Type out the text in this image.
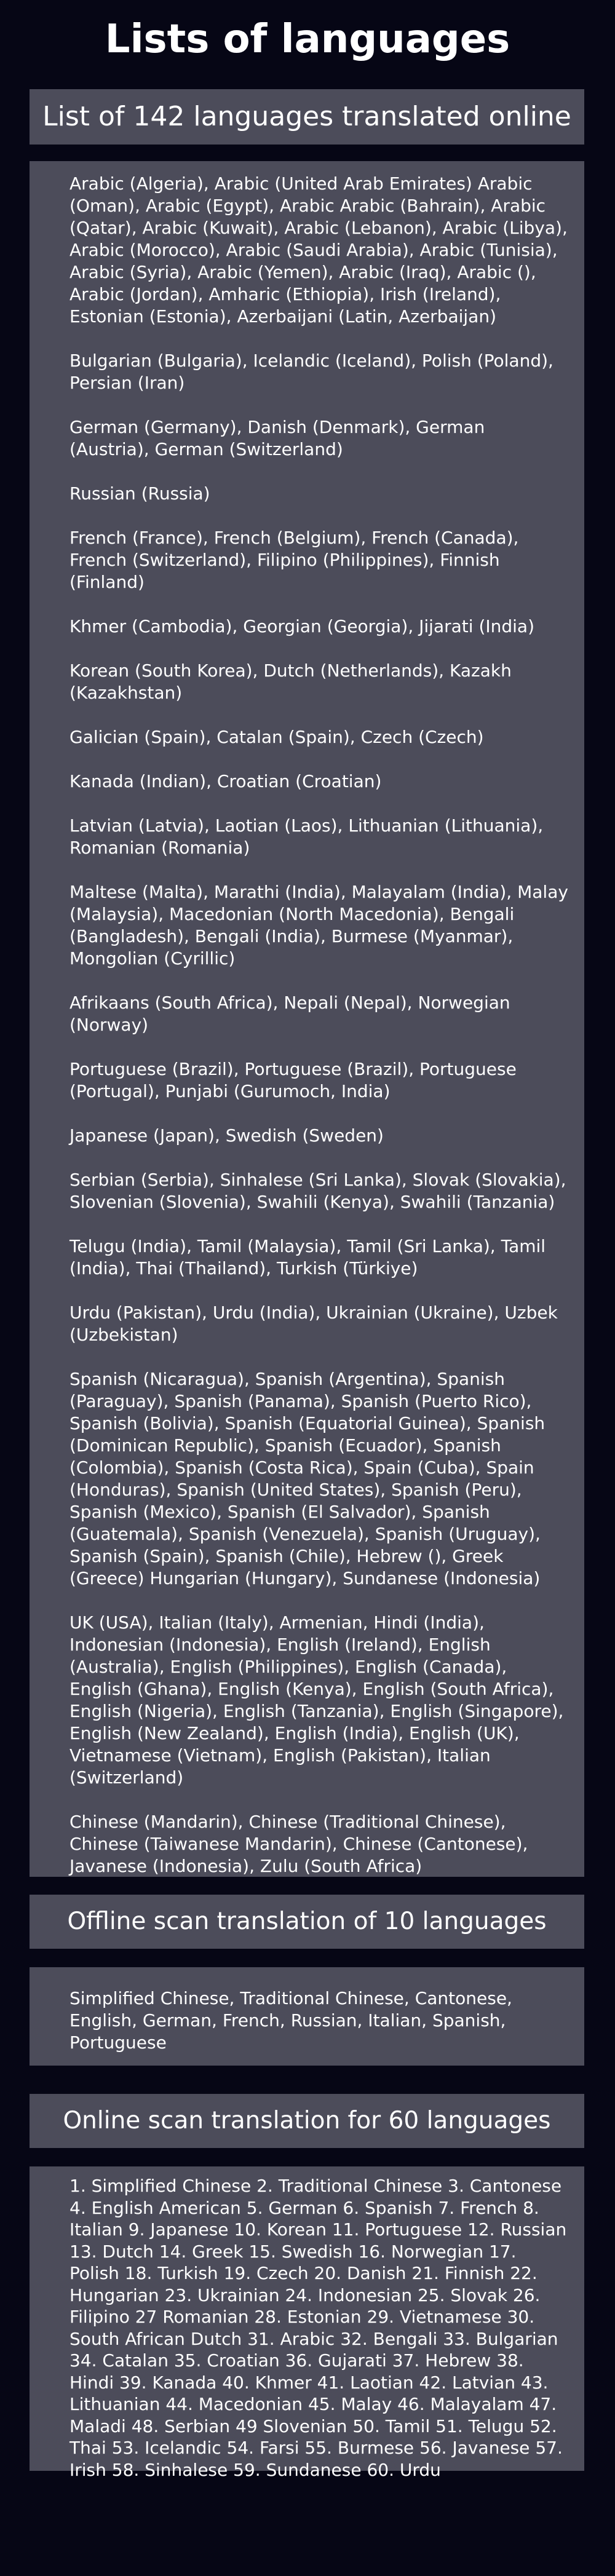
Lists of languages
List of 142 languages translated online
Arabic (Algeria), Arabic (United Arab Emirates) Arabic (Oman), Arabic (Egypt), Arabic Arabic (Bahrain), Arabic (Qatar), Arabic (Kuwait), Arabic (Lebanon), Arabic (Libya), Arabic (Morocco), Arabic (Saudi Arabia), Arabic (Tunisia), Arabic (Syria), Arabic (Yemen), Arabic (Iraq), Arabic (), Arabic (Jordan), Amharic (Ethiopia), Irish (Ireland), Estonian (Estonia), Azerbaijani (Latin, Azerbaijan)
Bulgarian (Bulgaria), Icelandic (Iceland), Polish (Poland), Persian (Iran)
German (Germany), Danish (Denmark), German (Austria), German (Switzerland)
Russian (Russia)
French (France), French (Belgium), French (Canada), French (Switzerland), Filipino (Philippines), Finnish (Finland)
Khmer (Cambodia), Georgian (Georgia), Jijarati (India)
Korean (South Korea), Dutch (Netherlands), Kazakh (Kazakhstan)
Galician (Spain), Catalan (Spain), Czech (Czech)
Kanada (Indian), Croatian (Croatian)
Latvian (Latvia), Laotian (Laos), Lithuanian (Lithuania), Romanian (Romania)
Maltese (Malta), Marathi (India), Malayalam (India), Malay (Malaysia), Macedonian (North Macedonia), Bengali (Bangladesh), Bengali (India), Burmese (Myanmar), Mongolian (Cyrillic)
Afrikaans (South Africa), Nepali (Nepal), Norwegian (Norway)
Portuguese (Brazil), Portuguese (Brazil), Portuguese (Portugal), Punjabi (Gurumoch, India)
Japanese (Japan), Swedish (Sweden)
Serbian (Serbia), Sinhalese (Sri Lanka), Slovak (Slovakia), Slovenian (Slovenia), Swahili (Kenya), Swahili (Tanzania)
Telugu (India), Tamil (Malaysia), Tamil (Sri Lanka), Tamil (India), Thai (Thailand), Turkish (Türkiye)
Urdu (Pakistan), Urdu (India), Ukrainian (Ukraine), Uzbek (Uzbekistan)
Spanish (Nicaragua), Spanish (Argentina), Spanish (Paraguay), Spanish (Panama), Spanish (Puerto Rico), Spanish (Bolivia), Spanish (Equatorial Guinea), Spanish (Dominican Republic), Spanish (Ecuador), Spanish (Colombia), Spanish (Costa Rica), Spain (Cuba), Spain (Honduras), Spanish (United States), Spanish (Peru), Spanish (Mexico), Spanish (El Salvador), Spanish (Guatemala), Spanish (Venezuela), Spanish (Uruguay), Spanish (Spain), Spanish (Chile), Hebrew (), Greek (Greece) Hungarian (Hungary), Sundanese (Indonesia)
UK (USA), Italian (Italy), Armenian, Hindi (India), Indonesian (Indonesia), English (Ireland), English (Australia), English (Philippines), English (Canada), English (Ghana), English (Kenya), English (South Africa), English (Nigeria), English (Tanzania), English (Singapore), English (New Zealand), English (India), English (UK), Vietnamese (Vietnam), English (Pakistan), Italian (Switzerland)
Chinese (Mandarin), Chinese (Traditional Chinese), Chinese (Taiwanese Mandarin), Chinese (Cantonese), Javanese (Indonesia), Zulu (South Africa)
Offline scan translation of 10 languages
Simplified Chinese, Traditional Chinese, Cantonese, English, German, French, Russian, Italian, Spanish, Portuguese
Online scan translation for 60 languages
1. Simplified Chinese 2. Traditional Chinese 3. Cantonese 4. English American 5. German 6. Spanish 7. French 8. Italian 9. Japanese 10. Korean 11. Portuguese 12. Russian 13. Dutch 14. Greek 15. Swedish 16. Norwegian 17. Polish 18. Turkish 19. Czech 20. Danish 21. Finnish 22. Hungarian 23. Ukrainian 24. Indonesian 25. Slovak 26. Filipino 27 Romanian 28. Estonian 29. Vietnamese 30. South African Dutch 31. Arabic 32. Bengali 33. Bulgarian 34. Catalan 35. Croatian 36. Gujarati 37. Hebrew 38. Hindi 39. Kanada 40. Khmer 41. Laotian 42. Latvian 43. Lithuanian 44. Macedonian 45. Malay 46. Malayalam 47. Maladi 48. Serbian 49 Slovenian 50. Tamil 51. Telugu 52. Thai 53. Icelandic 54. Farsi 55. Burmese 56. Javanese 57. Irish 58. Sinhalese 59. Sundanese 60. Urdu
